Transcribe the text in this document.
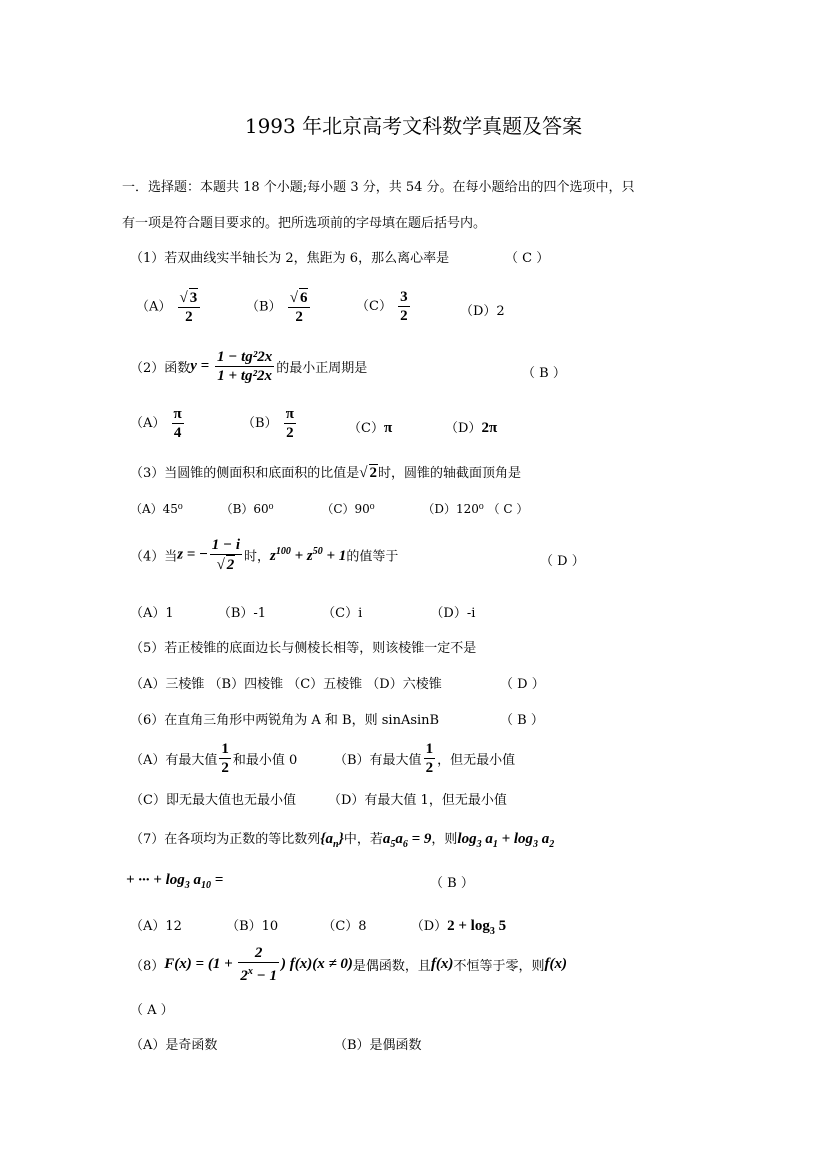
1993 年北京高考文科数学真题及答案
一．选择题：本题共 18 个小题;每小题 3 分，共 54 分。在每小题给出的四个选项中，只
有一项是符合题目要求的。把所选项前的字母填在题后括号内。
（1）若双曲线实半轴长为 2，焦距为 6，那么离心率是	（ C ）
$(A) \frac{√ 3}{2}$	$(B) \frac{√ 6}{2}$	$(C) \frac{3}{2}$	（D）2
（2）函数$y = \frac{\text{1 − tg²2x}}{\text{1 + tg²2x}}$ 的最小正周期是	（ B ）
$(A) \frac{\pi}{4}$	$(B) \frac{\pi}{2}$	（C）π	（D）2π
（3）当圆锥的侧面积和底面积的比值是√ 2时，圆锥的轴截面顶角是
（A）45⁰	（B）60⁰	（C）90⁰	（D）120⁰ （ C ）
（4）当z = − $\frac{1 - i}{√ 2}$ 时，$z^{100} + z^{50} + 1$的值等于	（ D ）
（A）1	（B）-1	（C）i	（D）-i
（5）若正棱锥的底面边长与侧棱长相等，则该棱锥一定不是
（A）三棱锥 （B）四棱锥 （C）五棱锥 （D）六棱锥	（ D ）
（6）在直角三角形中两锐角为 A 和 B，则 sinAsinB	（ B ）
（A）有最大值 $\frac{1}{2}$ 和最小值 0	（B）有最大值 $\frac{1}{2}$ ，但无最小值
（C）即无最大值也无最小值 （D）有最大值 1，但无最小值
（7）在各项均为正数的等比数列$\{a_n\}$中，若$a_5a_6 = 9$，则$\log_3 a_1 + \log_3 a_2$
+ ··· + $\log_3 a_{10}$ =	（ B ）
（A）12	（B）10	（C）8	$(D)2 + \log_3 5$
$(8)F(x) = (1 + \frac{2}{2^x - 1}$ ) f(x)(x ≠ 0)是偶函数，且f(x)不恒等于零，则f(x)
（ A ）
（A）是奇函数	（B）是偶函数
